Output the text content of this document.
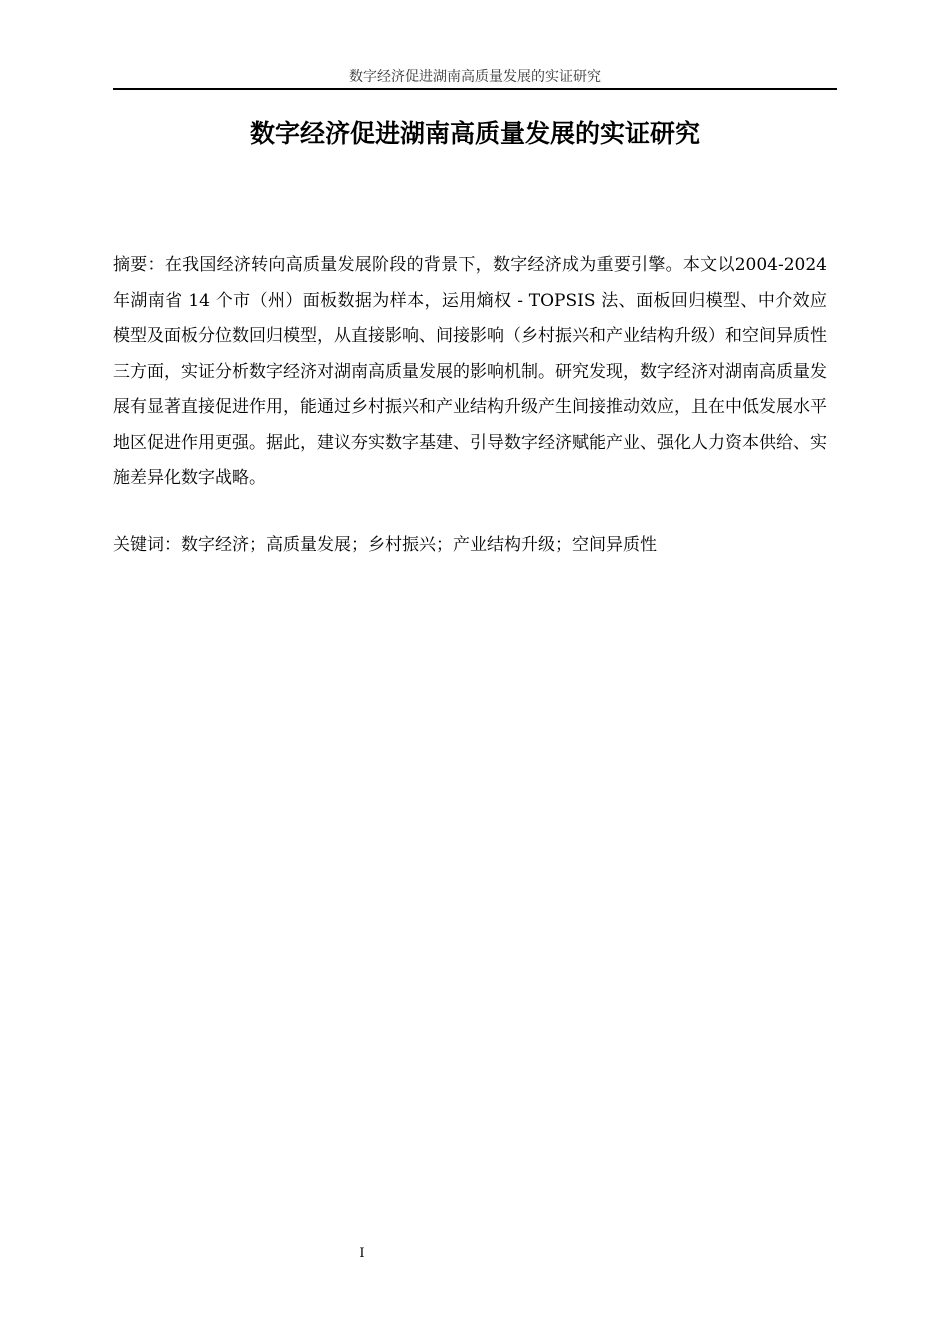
数字经济促进湖南高质量发展的实证研究
数字经济促进湖南高质量发展的实证研究

摘要：在我国经济转向高质量发展阶段的背景下，数字经济成为重要引擎。本文以2004-2024 年湖南省 14 个市（州）面板数据为样本，运用熵权 - TOPSIS 法、面板回归模型、中介效应模型及面板分位数回归模型，从直接影响、间接影响（乡村振兴和产业结构升级）和空间异质性三方面，实证分析数字经济对湖南高质量发展的影响机制。研究发现，数字经济对湖南高质量发展有显著直接促进作用，能通过乡村振兴和产业结构升级产生间接推动效应，且在中低发展水平地区促进作用更强。据此，建议夯实数字基建、引导数字经济赋能产业、强化人力资本供给、实施差异化数字战略。

关键词：数字经济；高质量发展；乡村振兴；产业结构升级；空间异质性

I
